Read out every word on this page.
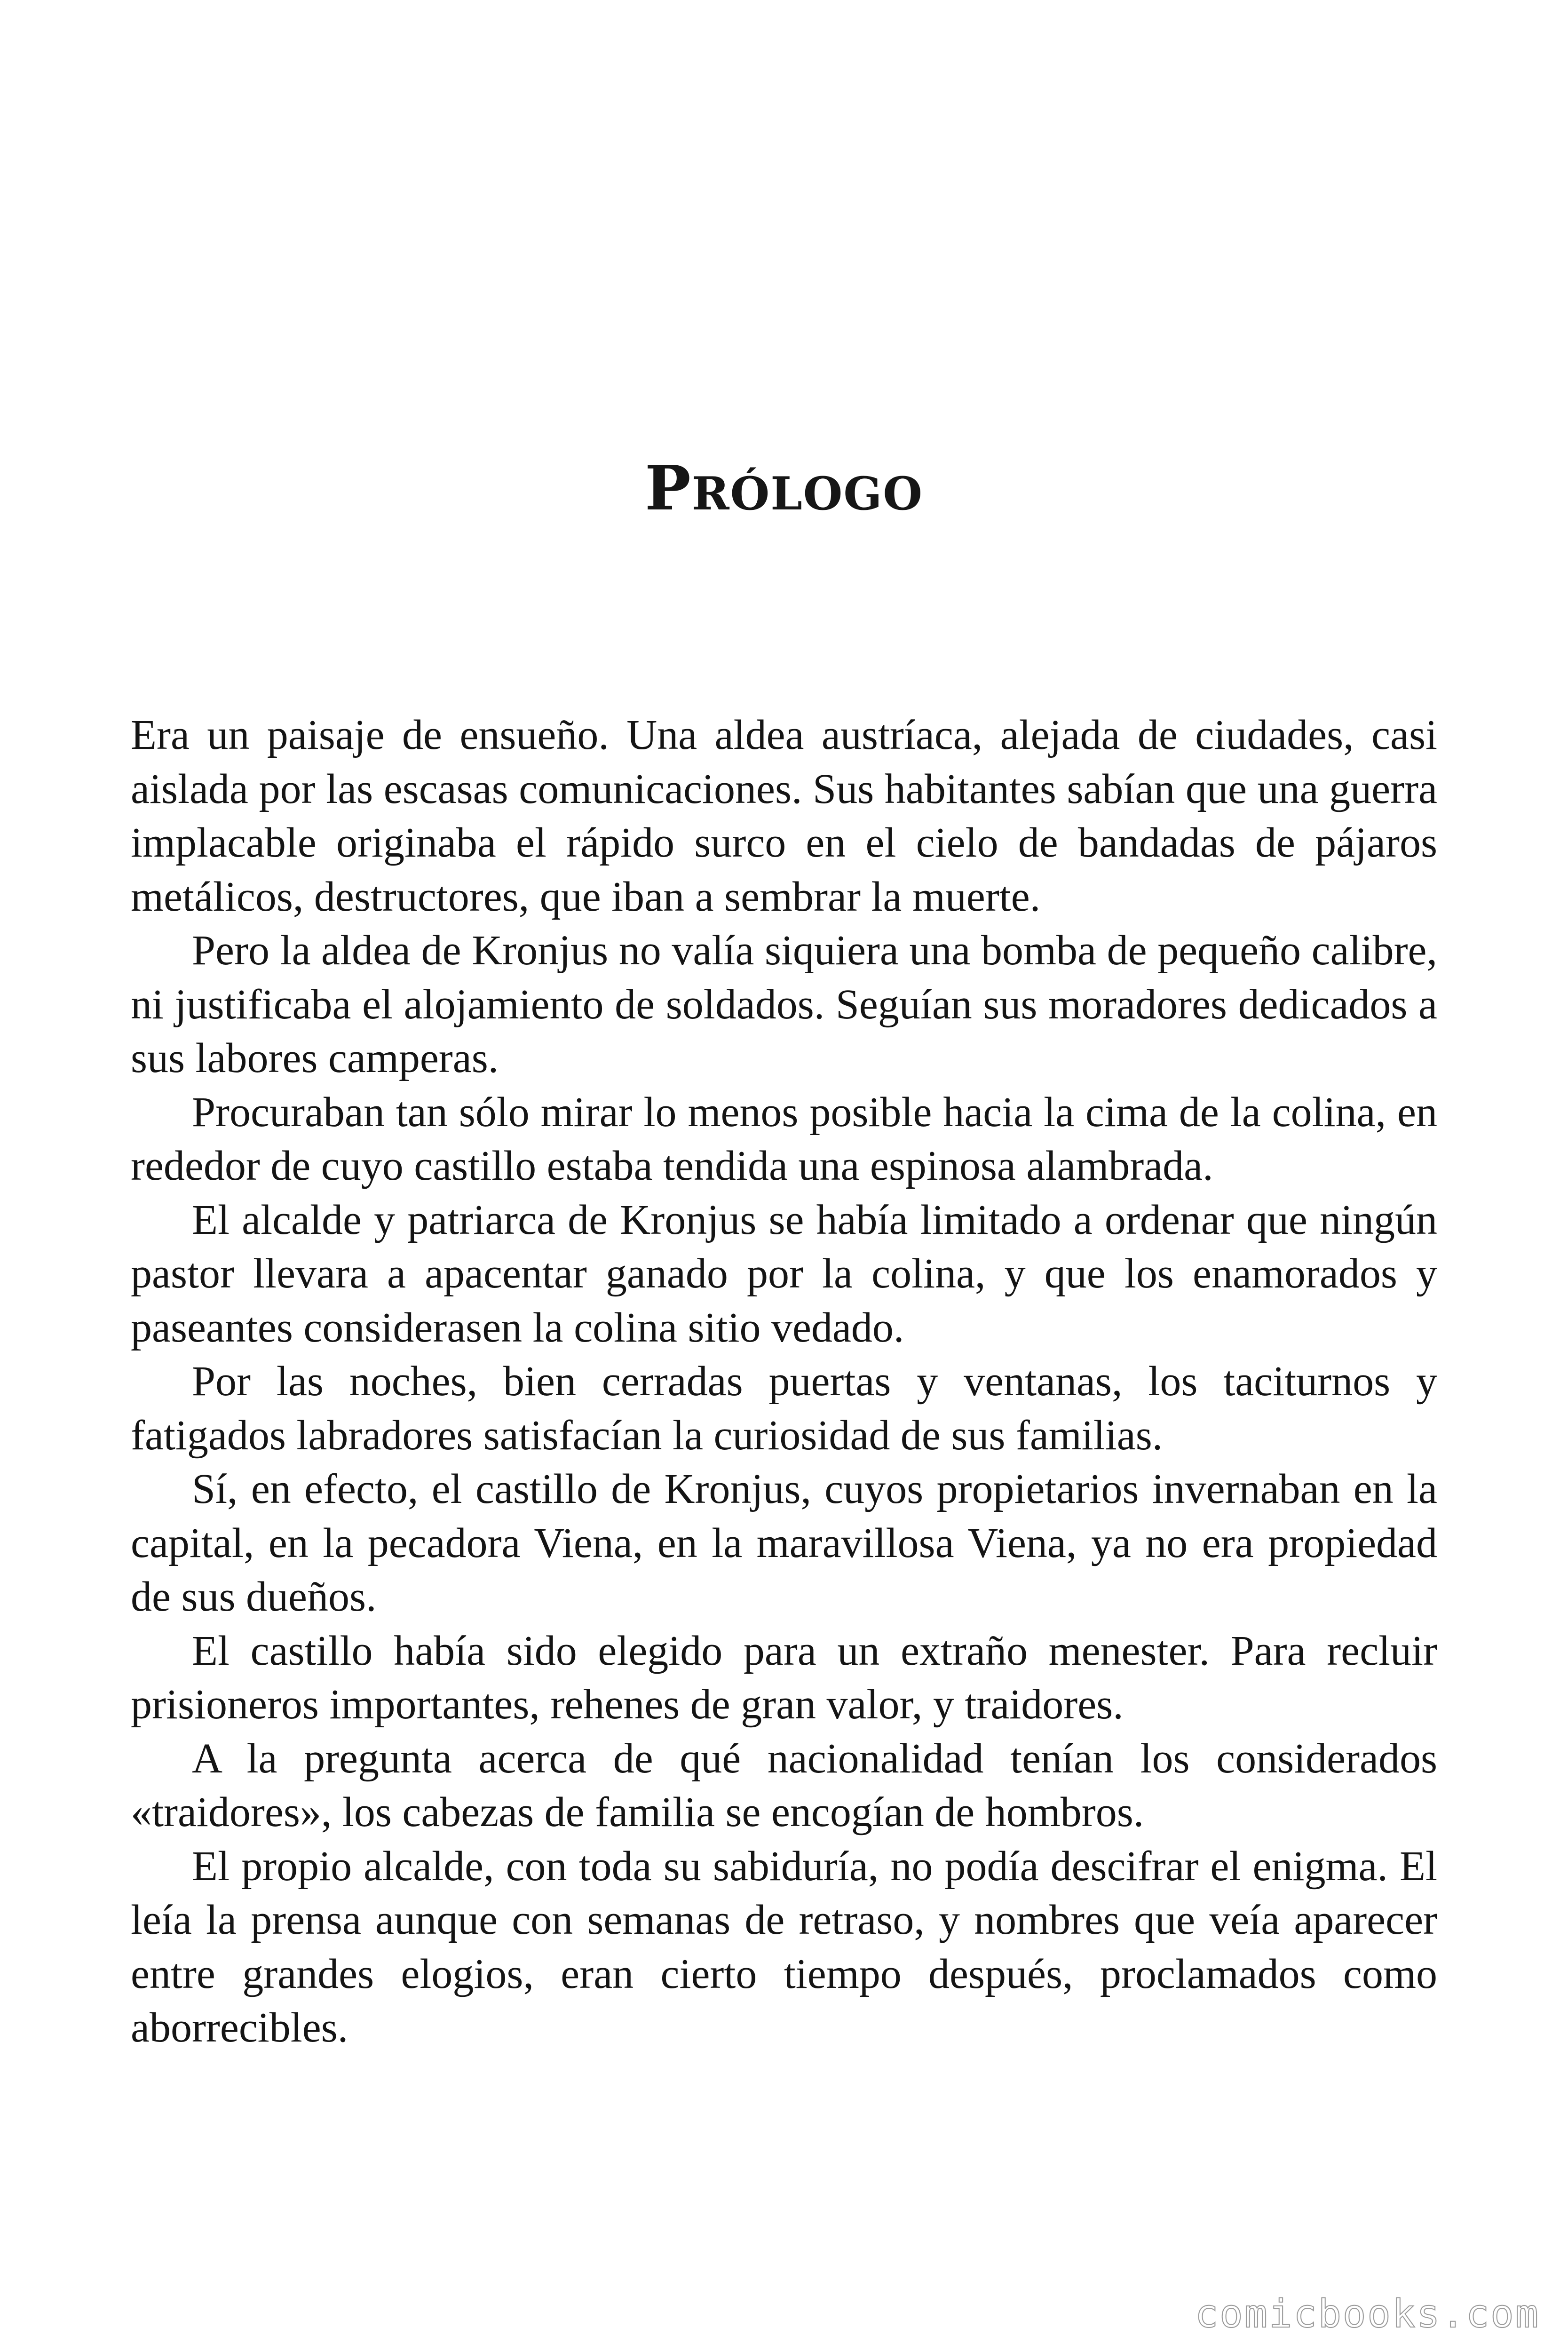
PRÓLOGO

Era un paisaje de ensueño. Una aldea austríaca, alejada de ciudades, casi aislada por las escasas comunicaciones. Sus habitantes sabían que una guerra implacable originaba el rápido surco en el cielo de bandadas de pájaros metálicos, destructores, que iban a sembrar la muerte.

Pero la aldea de Kronjus no valía siquiera una bomba de pequeño calibre, ni justificaba el alojamiento de soldados. Seguían sus moradores dedicados a sus labores camperas.

Procuraban tan sólo mirar lo menos posible hacia la cima de la colina, en rededor de cuyo castillo estaba tendida una espinosa alambrada.

El alcalde y patriarca de Kronjus se había limitado a ordenar que ningún pastor llevara a apacentar ganado por la colina, y que los enamorados y paseantes considerasen la colina sitio vedado.

Por las noches, bien cerradas puertas y ventanas, los taciturnos y fatigados labradores satisfacían la curiosidad de sus familias.

Sí, en efecto, el castillo de Kronjus, cuyos propietarios invernaban en la capital, en la pecadora Viena, en la maravillosa Viena, ya no era propiedad de sus dueños.

El castillo había sido elegido para un extraño menester. Para recluir prisioneros importantes, rehenes de gran valor, y traidores.

A la pregunta acerca de qué nacionalidad tenían los considerados «traidores», los cabezas de familia se encogían de hombros.

El propio alcalde, con toda su sabiduría, no podía descifrar el enigma. El leía la prensa aunque con semanas de retraso, y nombres que veía aparecer entre grandes elogios, eran cierto tiempo después, proclamados como aborrecibles.

comicbooks.com
